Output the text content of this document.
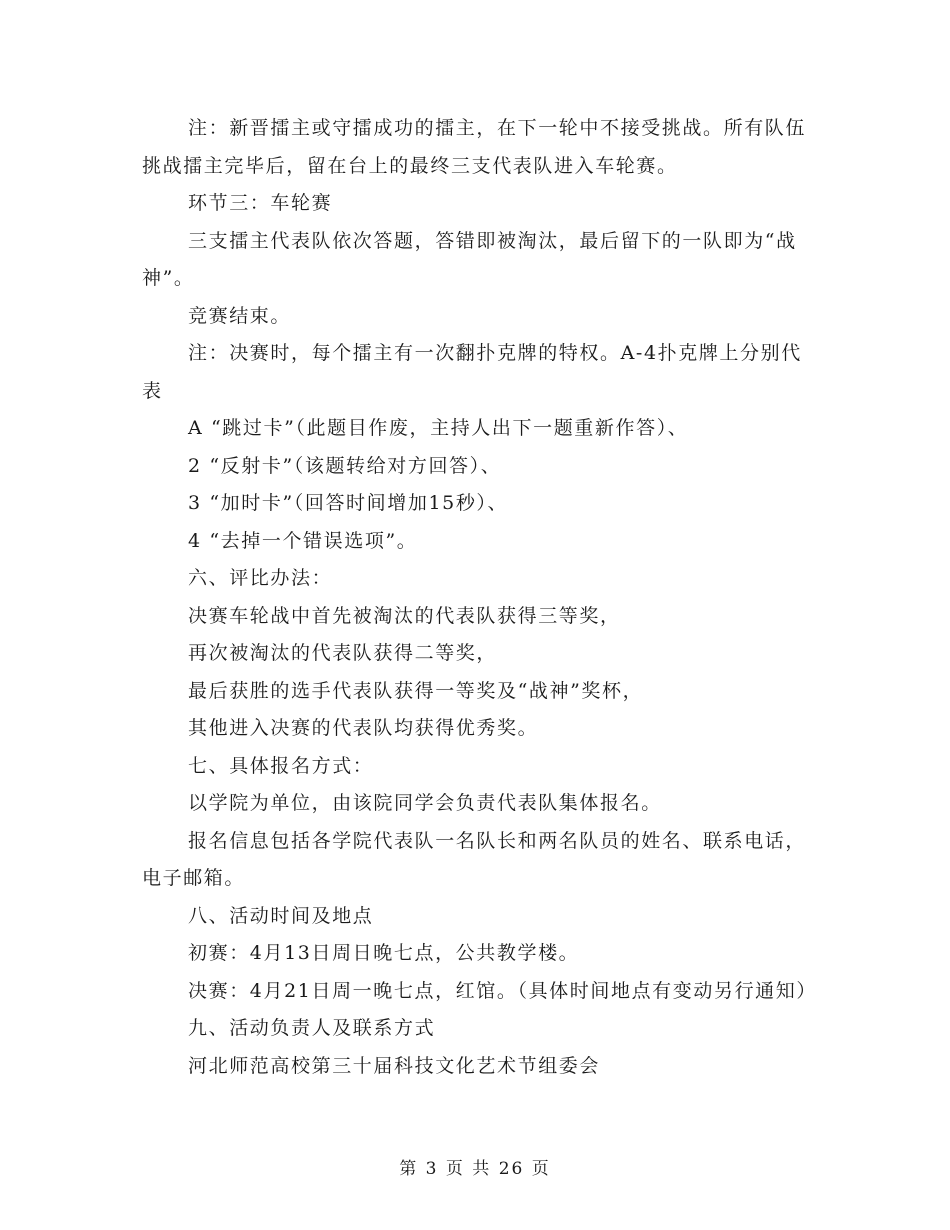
注：新晋擂主或守擂成功的擂主，在下一轮中不接受挑战。所有队伍挑战擂主完毕后，留在台上的最终三支代表队进入车轮赛。

环节三：车轮赛

三支擂主代表队依次答题，答错即被淘汰，最后留下的一队即为“战神”。

竞赛结束。

注：决赛时，每个擂主有一次翻扑克牌的特权。A-4扑克牌上分别代表

A “跳过卡”（此题目作废，主持人出下一题重新作答）、

2 “反射卡”（该题转给对方回答）、

3 “加时卡”（回答时间增加15秒）、

4 “去掉一个错误选项”。

六、评比办法：

决赛车轮战中首先被淘汰的代表队获得三等奖，

再次被淘汰的代表队获得二等奖，

最后获胜的选手代表队获得一等奖及“战神”奖杯，

其他进入决赛的代表队均获得优秀奖。

七、具体报名方式：

以学院为单位，由该院同学会负责代表队集体报名。

报名信息包括各学院代表队一名队长和两名队员的姓名、联系电话，电子邮箱。

八、活动时间及地点

初赛：4月13日周日晚七点，公共教学楼。

决赛：4月21日周一晚七点，红馆。（具体时间地点有变动另行通知）

九、活动负责人及联系方式

河北师范高校第三十届科技文化艺术节组委会

第 3 页 共 26 页
